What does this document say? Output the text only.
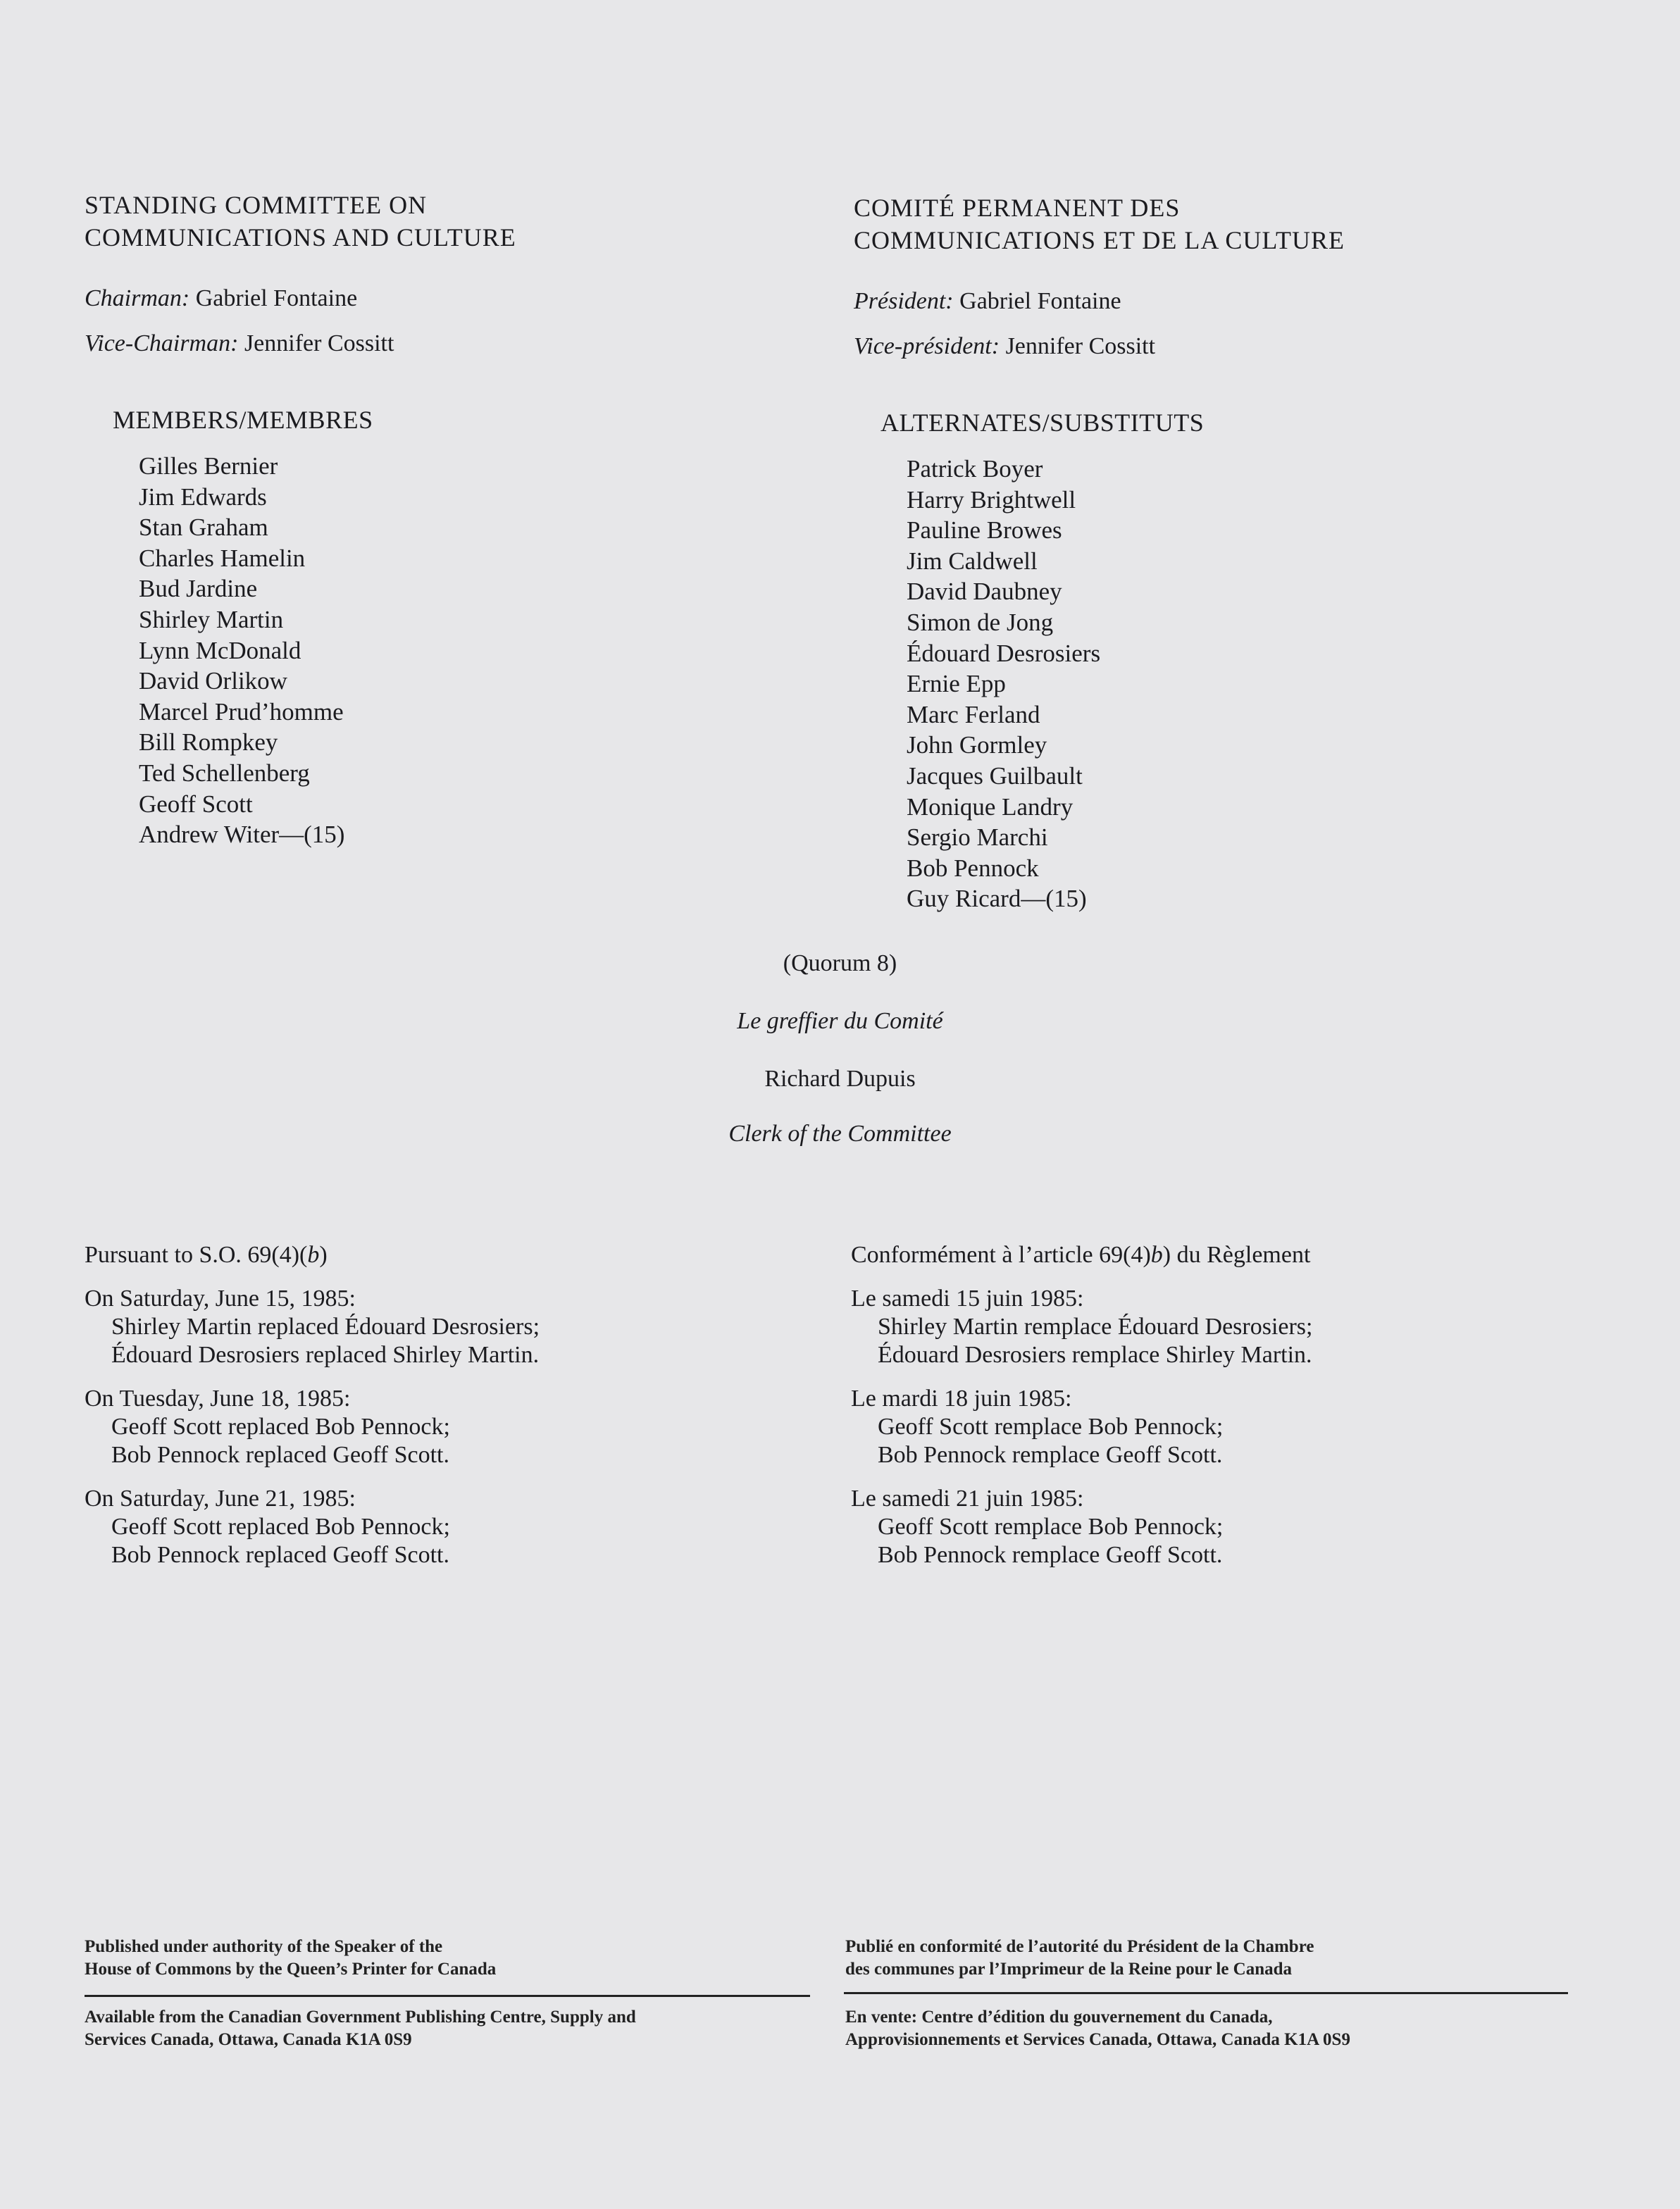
STANDING COMMITTEE ON
COMMUNICATIONS AND CULTURE
Chairman: Gabriel Fontaine
Vice-Chairman: Jennifer Cossitt
COMITÉ PERMANENT DES
COMMUNICATIONS ET DE LA CULTURE
Président: Gabriel Fontaine
Vice-président: Jennifer Cossitt
MEMBERS/MEMBRES
Gilles Bernier
Jim Edwards
Stan Graham
Charles Hamelin
Bud Jardine
Shirley Martin
Lynn McDonald
David Orlikow
Marcel Prud’homme
Bill Rompkey
Ted Schellenberg
Geoff Scott
Andrew Witer—(15)
ALTERNATES/SUBSTITUTS
Patrick Boyer
Harry Brightwell
Pauline Browes
Jim Caldwell
David Daubney
Simon de Jong
Édouard Desrosiers
Ernie Epp
Marc Ferland
John Gormley
Jacques Guilbault
Monique Landry
Sergio Marchi
Bob Pennock
Guy Ricard—(15)
(Quorum 8)
Le greffier du Comité
Richard Dupuis
Clerk of the Committee
Pursuant to S.O. 69(4)(b)
On Saturday, June 15, 1985:
Shirley Martin replaced Édouard Desrosiers;
Édouard Desrosiers replaced Shirley Martin.
On Tuesday, June 18, 1985:
Geoff Scott replaced Bob Pennock;
Bob Pennock replaced Geoff Scott.
On Saturday, June 21, 1985:
Geoff Scott replaced Bob Pennock;
Bob Pennock replaced Geoff Scott.
Conformément à l’article 69(4)b) du Règlement
Le samedi 15 juin 1985:
Shirley Martin remplace Édouard Desrosiers;
Édouard Desrosiers remplace Shirley Martin.
Le mardi 18 juin 1985:
Geoff Scott remplace Bob Pennock;
Bob Pennock remplace Geoff Scott.
Le samedi 21 juin 1985:
Geoff Scott remplace Bob Pennock;
Bob Pennock remplace Geoff Scott.
Published under authority of the Speaker of the
House of Commons by the Queen’s Printer for Canada
Publié en conformité de l’autorité du Président de la Chambre
des communes par l’Imprimeur de la Reine pour le Canada
Available from the Canadian Government Publishing Centre, Supply and
Services Canada, Ottawa, Canada K1A 0S9
En vente: Centre d’édition du gouvernement du Canada,
Approvisionnements et Services Canada, Ottawa, Canada K1A 0S9
